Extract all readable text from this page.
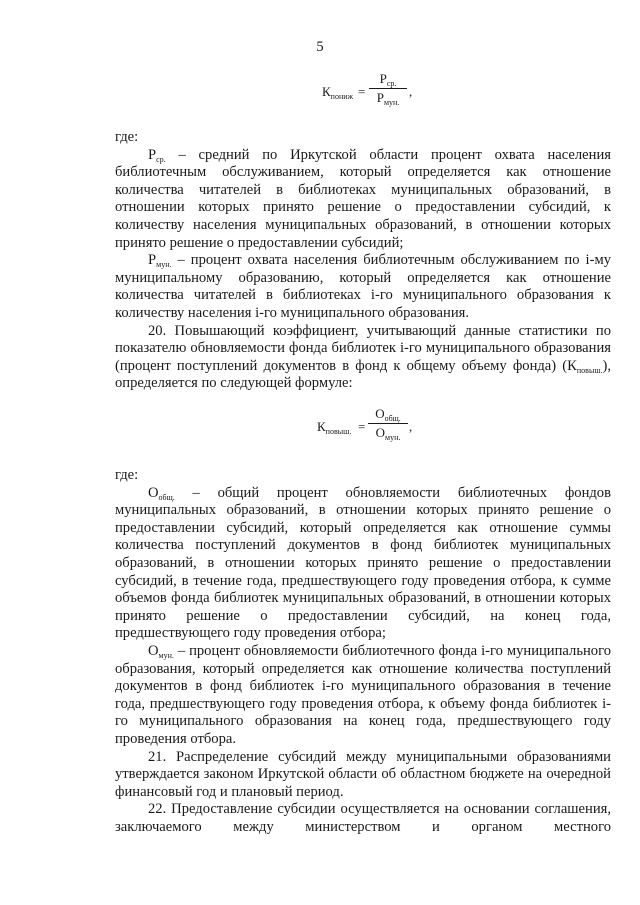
5
$К_{пониж}$ =
$Р_{ср.}$
$Р_{мун.}$
,

где:

$Р_{ср.}$ – средний по Иркутской области процент охвата населения библиотечным обслуживанием, который определяется как отношение количества читателей в библиотеках муниципальных образований, в отношении которых принято решение о предоставлении субсидий, к количеству населения муниципальных образований, в отношении которых принято решение о предоставлении субсидий;

$Р_{мун.}$ – процент охвата населения библиотечным обслуживанием по i-му муниципальному образованию, который определяется как отношение количества читателей в библиотеках i-го муниципального образования к количеству населения i-го муниципального образования.

20. Повышающий коэффициент, учитывающий данные статистики по показателю обновляемости фонда библиотек i-го муниципального образования (процент поступлений документов в фонд к общему объему фонда) $(К_{повыш.})$, определяется по следующей формуле:

$К_{повыш.}$ =
$О_{общ.}$
$О_{мун.}$
,

где:

$О_{общ.}$ – общий процент обновляемости библиотечных фондов муниципальных образований, в отношении которых принято решение о предоставлении субсидий, который определяется как отношение суммы количества поступлений документов в фонд библиотек муниципальных образований, в отношении которых принято решение о предоставлении субсидий, в течение года, предшествующего году проведения отбора, к сумме объемов фонда библиотек муниципальных образований, в отношении которых принято решение о предоставлении субсидий, на конец года, предшествующего году проведения отбора;

$О_{мун.}$ – процент обновляемости библиотечного фонда i-го муниципального образования, который определяется как отношение количества поступлений документов в фонд библиотек i-го муниципального образования в течение года, предшествующего году проведения отбора, к объему фонда библиотек i-го муниципального образования на конец года, предшествующего году проведения отбора.

21. Распределение субсидий между муниципальными образованиями утверждается законом Иркутской области об областном бюджете на очередной финансовый год и плановый период.

22. Предоставление субсидии осуществляется на основании соглашения, заключаемого между министерством и органом местного
